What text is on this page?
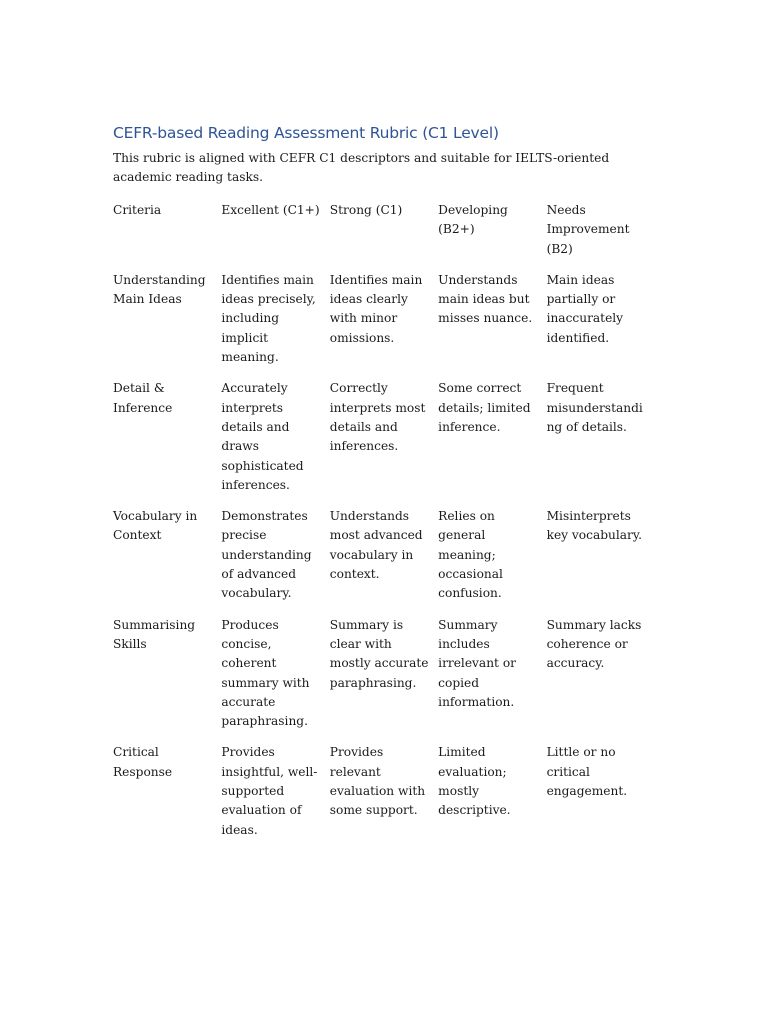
CEFR-based Reading Assessment Rubric (C1 Level)

This rubric is aligned with CEFR C1 descriptors and suitable for IELTS-oriented academic reading tasks.

Criteria	Excellent (C1+)	Strong (C1)	Developing (B2+)	Needs Improvement (B2)
Understanding Main Ideas	Identifies main ideas precisely, including implicit meaning.	Identifies main ideas clearly with minor omissions.	Understands main ideas but misses nuance.	Main ideas partially or inaccurately identified.
Detail & Inference	Accurately interprets details and draws sophisticated inferences.	Correctly interprets most details and inferences.	Some correct details; limited inference.	Frequent misunderstanding of details.
Vocabulary in Context	Demonstrates precise understanding of advanced vocabulary.	Understands most advanced vocabulary in context.	Relies on general meaning; occasional confusion.	Misinterprets key vocabulary.
Summarising Skills	Produces concise, coherent summary with accurate paraphrasing.	Summary is clear with mostly accurate paraphrasing.	Summary includes irrelevant or copied information.	Summary lacks coherence or accuracy.
Critical Response	Provides insightful, well-supported evaluation of ideas.	Provides relevant evaluation with some support.	Limited evaluation; mostly descriptive.	Little or no critical engagement.
